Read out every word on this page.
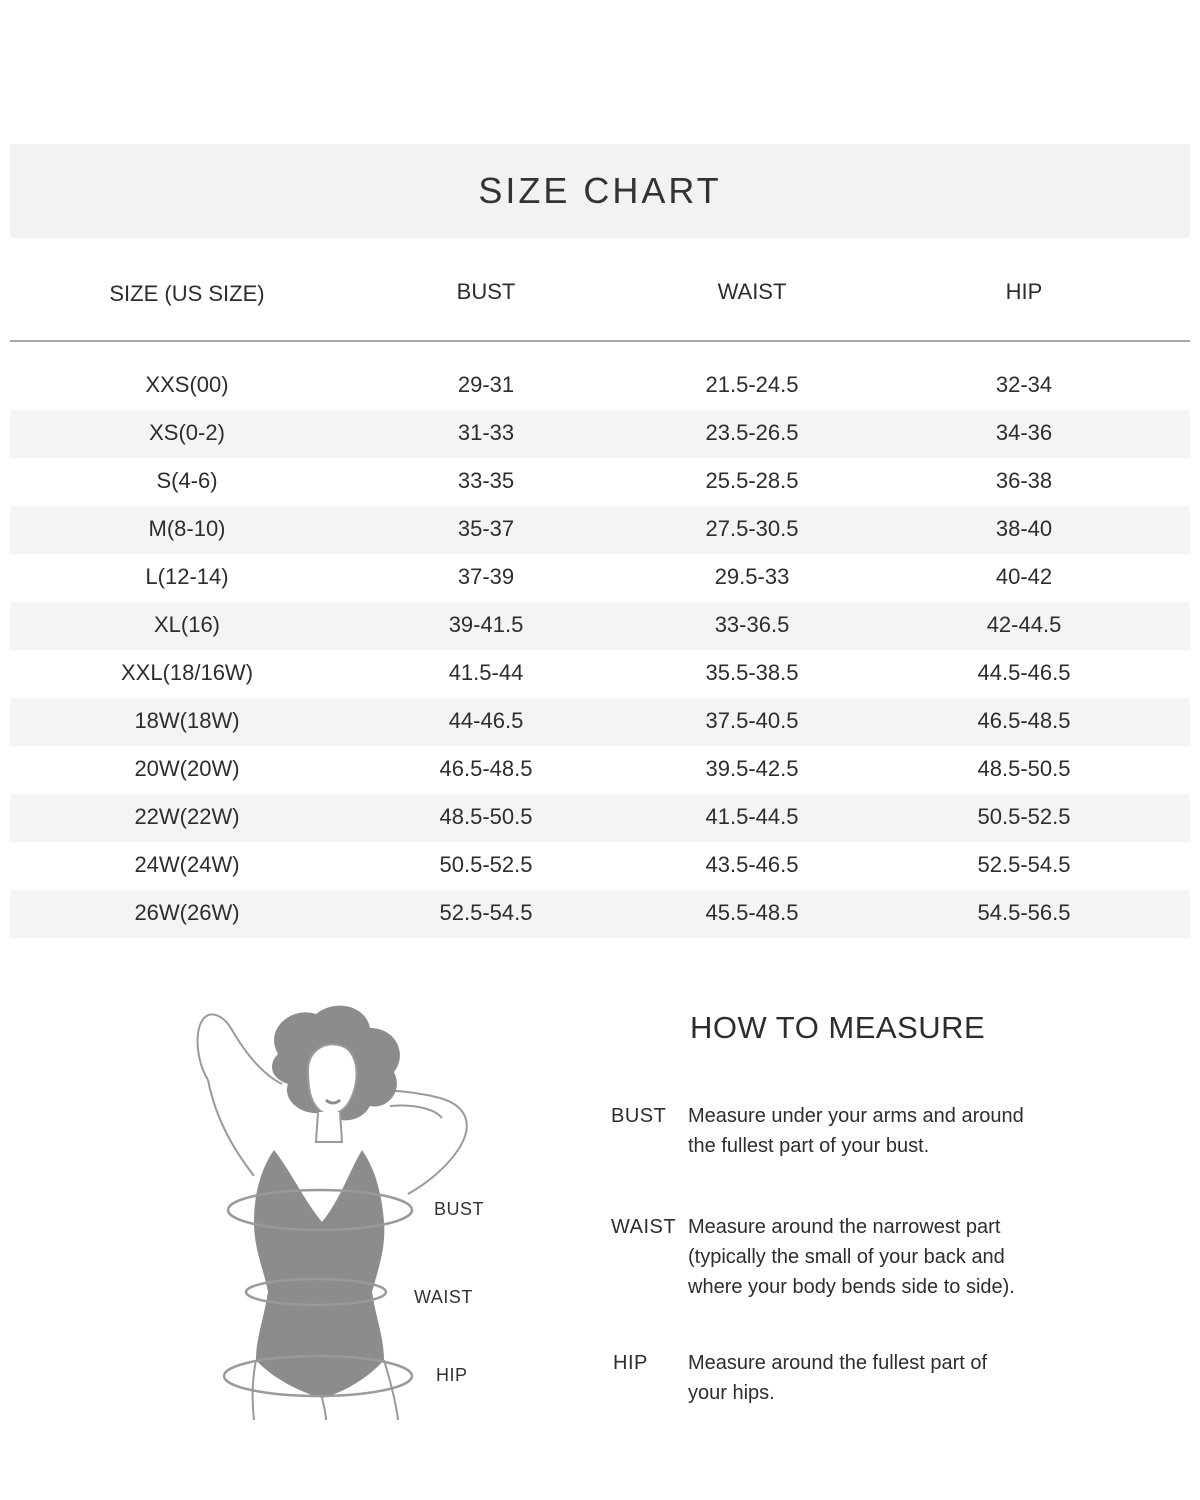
SIZE CHART
SIZE (US SIZE)	BUST	WAIST	HIP
XXS(00)	29-31	21.5-24.5	32-34
XS(0-2)	31-33	23.5-26.5	34-36
S(4-6)	33-35	25.5-28.5	36-38
M(8-10)	35-37	27.5-30.5	38-40
L(12-14)	37-39	29.5-33	40-42
XL(16)	39-41.5	33-36.5	42-44.5
XXL(18/16W)	41.5-44	35.5-38.5	44.5-46.5
18W(18W)	44-46.5	37.5-40.5	46.5-48.5
20W(20W)	46.5-48.5	39.5-42.5	48.5-50.5
22W(22W)	48.5-50.5	41.5-44.5	50.5-52.5
24W(24W)	50.5-52.5	43.5-46.5	52.5-54.5
26W(26W)	52.5-54.5	45.5-48.5	54.5-56.5
BUST
WAIST
HIP
HOW TO MEASURE
BUST Measure under your arms and around
the fullest part of your bust.

WAIST Measure around the narrowest part
(typically the small of your back and
where your body bends side to side).

HIP Measure around the fullest part of
your hips.
